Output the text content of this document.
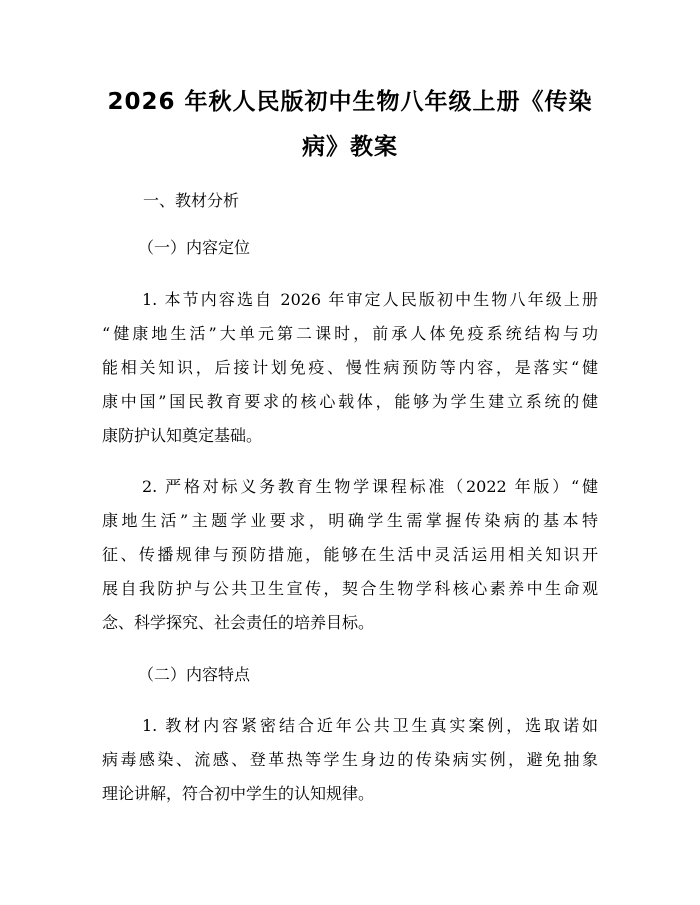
2026 年秋人民版初中生物八年级上册《传染
病》教案
一、教材分析
（一）内容定位
1. 本节内容选自 2026 年审定人民版初中生物八年级上册
“健康地生活”大单元第二课时，前承人体免疫系统结构与功
能相关知识，后接计划免疫、慢性病预防等内容，是落实“健
康中国”国民教育要求的核心载体，能够为学生建立系统的健
康防护认知奠定基础。
2. 严格对标义务教育生物学课程标准（2022 年版）“健
康地生活”主题学业要求，明确学生需掌握传染病的基本特
征、传播规律与预防措施，能够在生活中灵活运用相关知识开
展自我防护与公共卫生宣传，契合生物学科核心素养中生命观
念、科学探究、社会责任的培养目标。
（二）内容特点
1. 教材内容紧密结合近年公共卫生真实案例，选取诺如
病毒感染、流感、登革热等学生身边的传染病实例，避免抽象
理论讲解，符合初中学生的认知规律。
